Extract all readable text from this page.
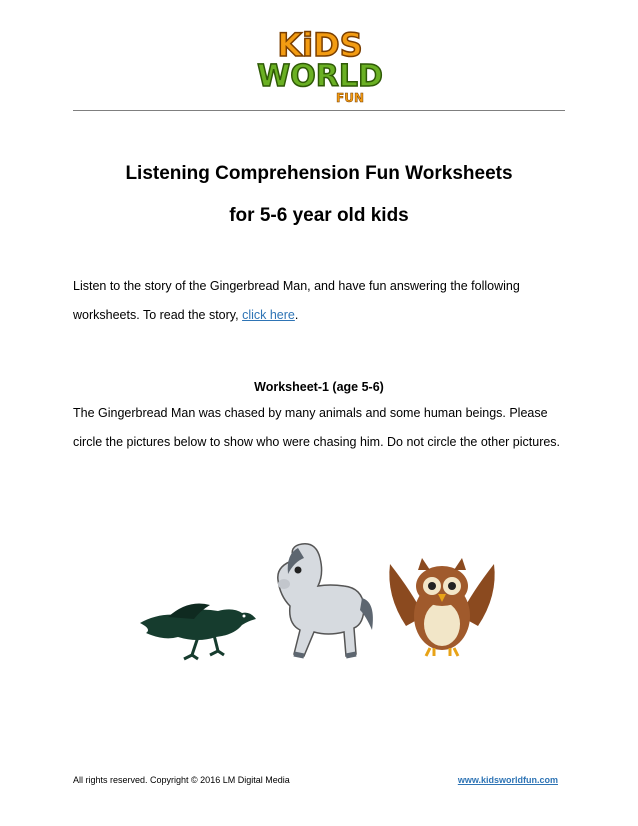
KiDS
WORLD
FUN
Listening Comprehension Fun Worksheets
for 5-6 year old kids
Listen to the story of the Gingerbread Man, and have fun answering the following worksheets. To read the story, click here.
Worksheet-1 (age 5-6)
The Gingerbread Man was chased by many animals and some human beings. Please circle the pictures below to show who were chasing him. Do not circle the other pictures.
All rights reserved. Copyright © 2016 LM Digital Media	www.kidsworldfun.com
